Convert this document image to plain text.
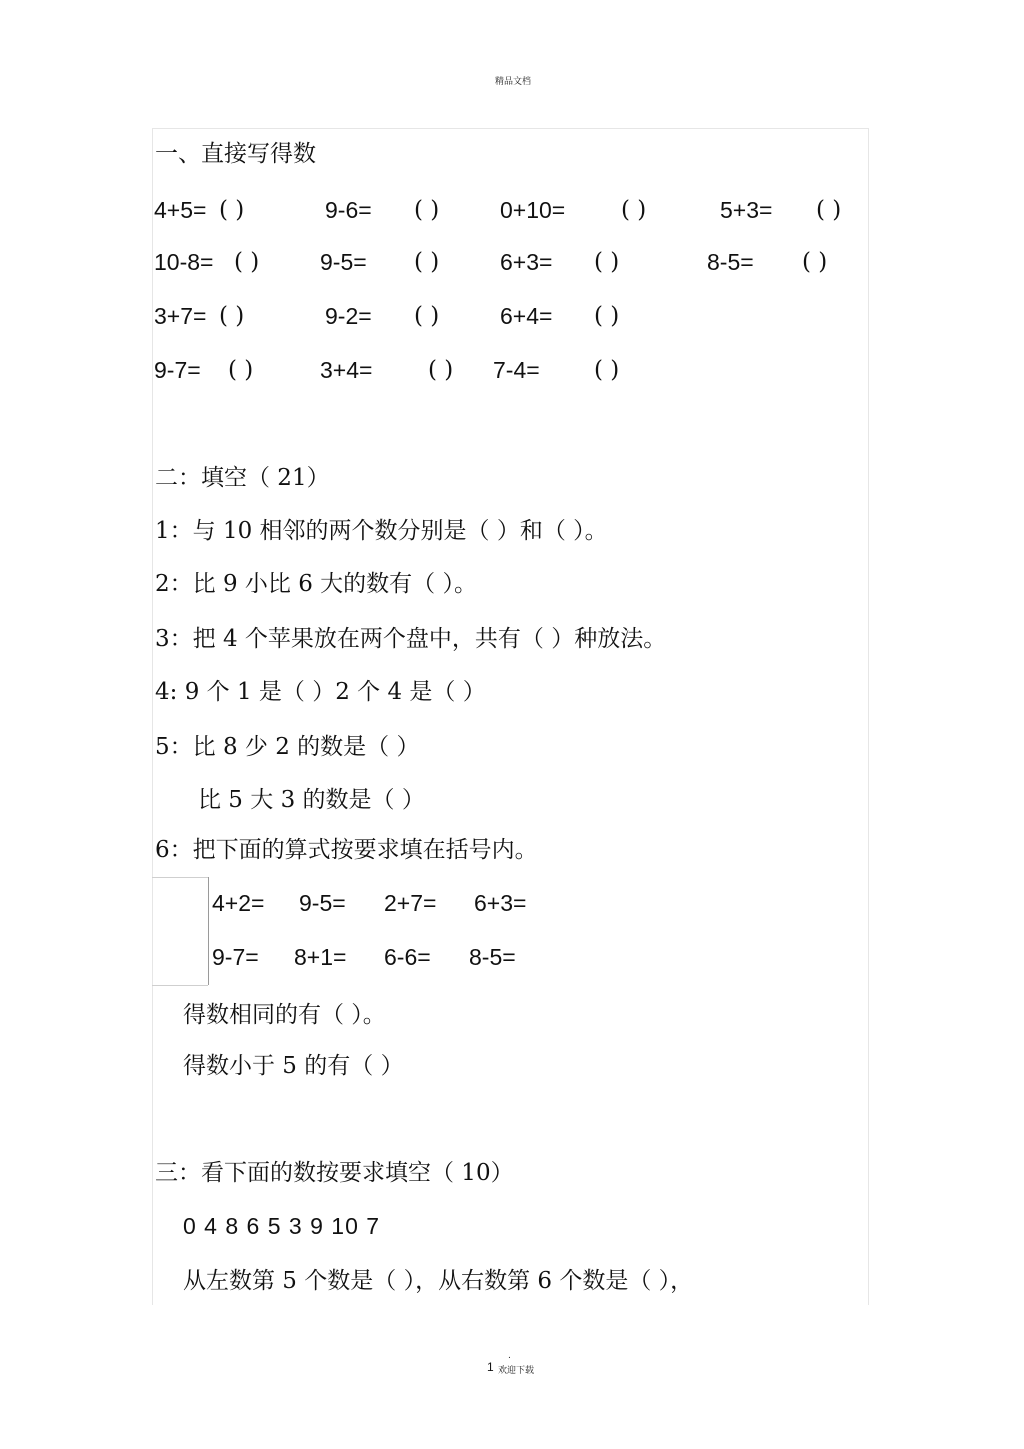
精品文档
一、直接写得数
4+5= ( )	9-6= ( )	0+10= ( )	5+3= ( )
10-8= ( )	9-5= ( )	6+3= ( )	8-5= ( )
3+7= ( )	9-2= ( )	6+4= ( )
9-7= ( )	3+4= ( ) 7-4= ( )
二：填空（ 21）
1：与 10 相邻的两个数分别是（ ）和（ ）。
2：比 9 小比 6 大的数有（ ）。
3：把 4 个苹果放在两个盘中，共有（ ）种放法。
4: 9 个 1 是（ ）2 个 4 是（ ）
5：比 8 少 2 的数是（ ）
比 5 大 3 的数是（ ）
6：把下面的算式按要求填在括号内。
4+2= 9-5= 2+7= 6+3=
9-7= 8+1= 6-6= 8-5=
得数相同的有（ ）。
得数小于 5 的有（ ）
三：看下面的数按要求填空（ 10）
0 4 8 6 5 3 9 10 7
从左数第 5 个数是（ ），从右数第 6 个数是（ ），
.
1 欢迎下载
